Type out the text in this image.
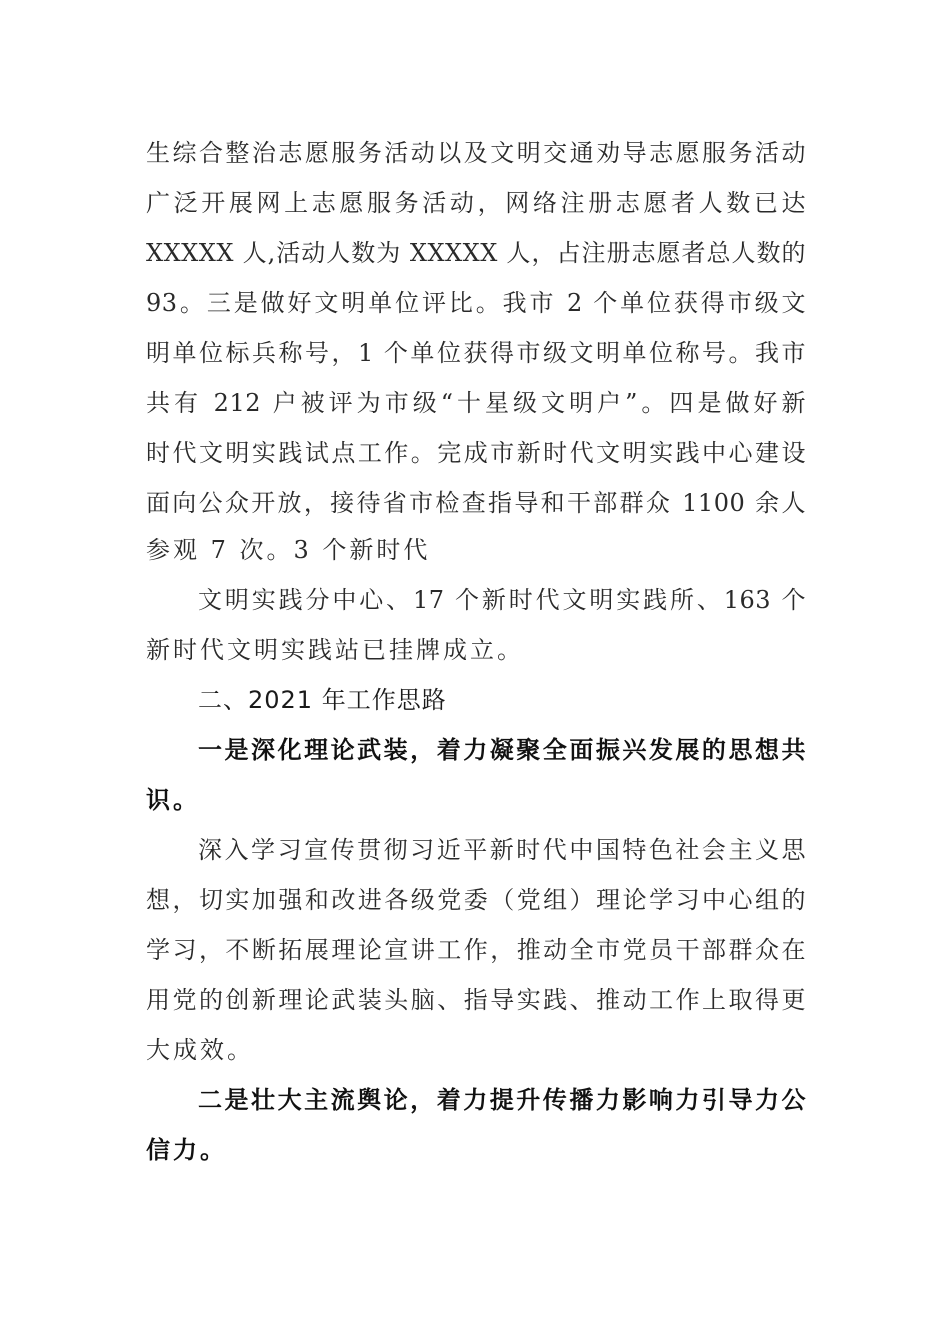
生综合整治志愿服务活动以及文明交通劝导志愿服务活动
广泛开展网上志愿服务活动，网络注册志愿者人数已达
XXXXX 人,活动人数为 XXXXX 人，占注册志愿者总人数的
93。三是做好文明单位评比。我市 2 个单位获得市级文
明单位标兵称号，1 个单位获得市级文明单位称号。我市
共有 212 户被评为市级“十星级文明户”。四是做好新
时代文明实践试点工作。完成市新时代文明实践中心建设
面向公众开放，接待省市检查指导和干部群众 1100 余人
参观 7 次。3 个新时代
文明实践分中心、17 个新时代文明实践所、163 个
新时代文明实践站已挂牌成立。
二、2021 年工作思路
一是深化理论武装，着力凝聚全面振兴发展的思想共
识。
深入学习宣传贯彻习近平新时代中国特色社会主义思
想，切实加强和改进各级党委（党组）理论学习中心组的
学习，不断拓展理论宣讲工作，推动全市党员干部群众在
用党的创新理论武装头脑、指导实践、推动工作上取得更
大成效。
二是壮大主流舆论，着力提升传播力影响力引导力公
信力。
